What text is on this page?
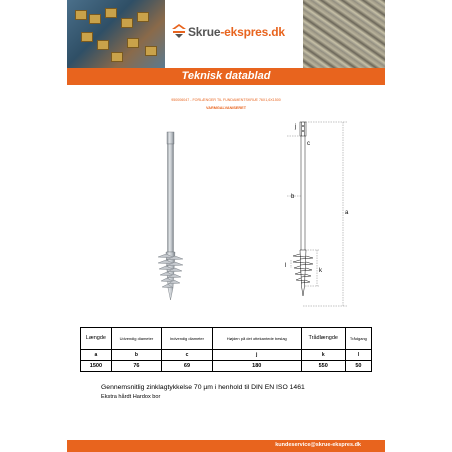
Skrue-ekspres.dk
Teknisk datablad
950006047 - FORLÆNGER TIL FUNDAMENTSKRUE 76X1,6X1500
VARMGALVANISERET
a
b
c
j
k
l
Længde	Udvendig diameter	Indvendig diameter	Højden på det ottekantede beslag	Trådlængde	Trådgang
a	b	c	j	k	l
1500	76	69	180	550	50
Gennemsnitlig zinklagtykkelse 70 µm i henhold til DIN EN ISO 1461
Ekstra hårdt Hardox bor
kundeservice@skrue-ekspres.dk
